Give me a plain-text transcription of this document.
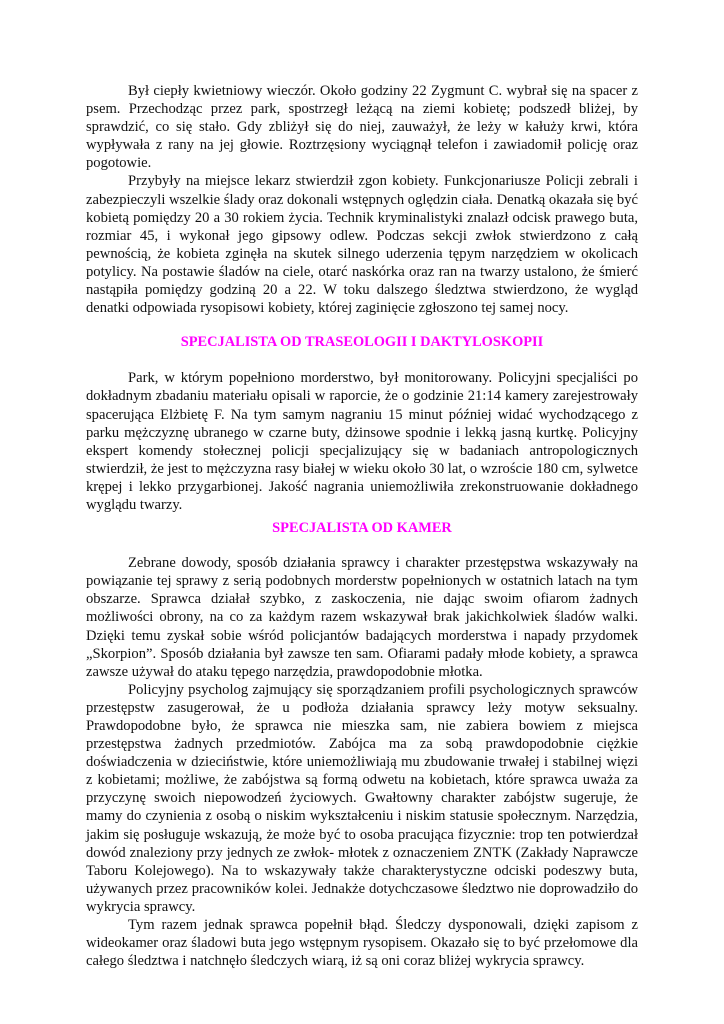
Był ciepły kwietniowy wieczór. Około godziny 22 Zygmunt C. wybrał się na spacer z psem. Przechodząc przez park, spostrzegł leżącą na ziemi kobietę; podszedł bliżej, by sprawdzić, co się stało. Gdy zbliżył się do niej, zauważył, że leży w kałuży krwi, która wypływała z rany na jej głowie. Roztrzęsiony wyciągnął telefon i zawiadomił policję oraz pogotowie.

Przybyły na miejsce lekarz stwierdził zgon kobiety. Funkcjonariusze Policji zebrali i zabezpieczyli wszelkie ślady oraz dokonali wstępnych oględzin ciała. Denatką okazała się być kobietą pomiędzy 20 a 30 rokiem życia. Technik kryminalistyki znalazł odcisk prawego buta, rozmiar 45, i wykonał jego gipsowy odlew. Podczas sekcji zwłok stwierdzono z całą pewnością, że kobieta zginęła na skutek silnego uderzenia tępym narzędziem w okolicach potylicy. Na postawie śladów na ciele, otarć naskórka oraz ran na twarzy ustalono, że śmierć nastąpiła pomiędzy godziną 20 a 22. W toku dalszego śledztwa stwierdzono, że wygląd denatki odpowiada rysopisowi kobiety, której zaginięcie zgłoszono tej samej nocy.

SPECJALISTA OD TRASEOLOGII I DAKTYLOSKOPII

Park, w którym popełniono morderstwo, był monitorowany. Policyjni specjaliści po dokładnym zbadaniu materiału opisali w raporcie, że o godzinie 21:14 kamery zarejestrowały spacerująca Elżbietę F. Na tym samym nagraniu 15 minut później widać wychodzącego z parku mężczyznę ubranego w czarne buty, dżinsowe spodnie i lekką jasną kurtkę. Policyjny ekspert komendy stołecznej policji specjalizujący się w badaniach antropologicznych stwierdził, że jest to mężczyzna rasy białej w wieku około 30 lat, o wzroście 180 cm, sylwetce krępej i lekko przygarbionej. Jakość nagrania uniemożliwiła zrekonstruowanie dokładnego wyglądu twarzy.

SPECJALISTA OD KAMER

Zebrane dowody, sposób działania sprawcy i charakter przestępstwa wskazywały na powiązanie tej sprawy z serią podobnych morderstw popełnionych w ostatnich latach na tym obszarze. Sprawca działał szybko, z zaskoczenia, nie dając swoim ofiarom żadnych możliwości obrony, na co za każdym razem wskazywał brak jakichkolwiek śladów walki. Dzięki temu zyskał sobie wśród policjantów badających morderstwa i napady przydomek „Skorpion”. Sposób działania był zawsze ten sam. Ofiarami padały młode kobiety, a sprawca zawsze używał do ataku tępego narzędzia, prawdopodobnie młotka.

Policyjny psycholog zajmujący się sporządzaniem profili psychologicznych sprawców przestępstw zasugerował, że u podłoża działania sprawcy leży motyw seksualny. Prawdopodobne było, że sprawca nie mieszka sam, nie zabiera bowiem z miejsca przestępstwa żadnych przedmiotów. Zabójca ma za sobą prawdopodobnie ciężkie doświadczenia w dzieciństwie, które uniemożliwiają mu zbudowanie trwałej i stabilnej więzi z kobietami; możliwe, że zabójstwa są formą odwetu na kobietach, które sprawca uważa za przyczynę swoich niepowodzeń życiowych. Gwałtowny charakter zabójstw sugeruje, że mamy do czynienia z osobą o niskim wykształceniu i niskim statusie społecznym. Narzędzia, jakim się posługuje wskazują, że może być to osoba pracująca fizycznie: trop ten potwierdzał dowód znaleziony przy jednych ze zwłok- młotek z oznaczeniem ZNTK (Zakłady Naprawcze Taboru Kolejowego). Na to wskazywały także charakterystyczne odciski podeszwy buta, używanych przez pracowników kolei. Jednakże dotychczasowe śledztwo nie doprowadziło do wykrycia sprawcy.

Tym razem jednak sprawca popełnił błąd. Śledczy dysponowali, dzięki zapisom z wideokamer oraz śladowi buta jego wstępnym rysopisem. Okazało się to być przełomowe dla całego śledztwa i natchnęło śledczych wiarą, iż są oni coraz bliżej wykrycia sprawcy.
